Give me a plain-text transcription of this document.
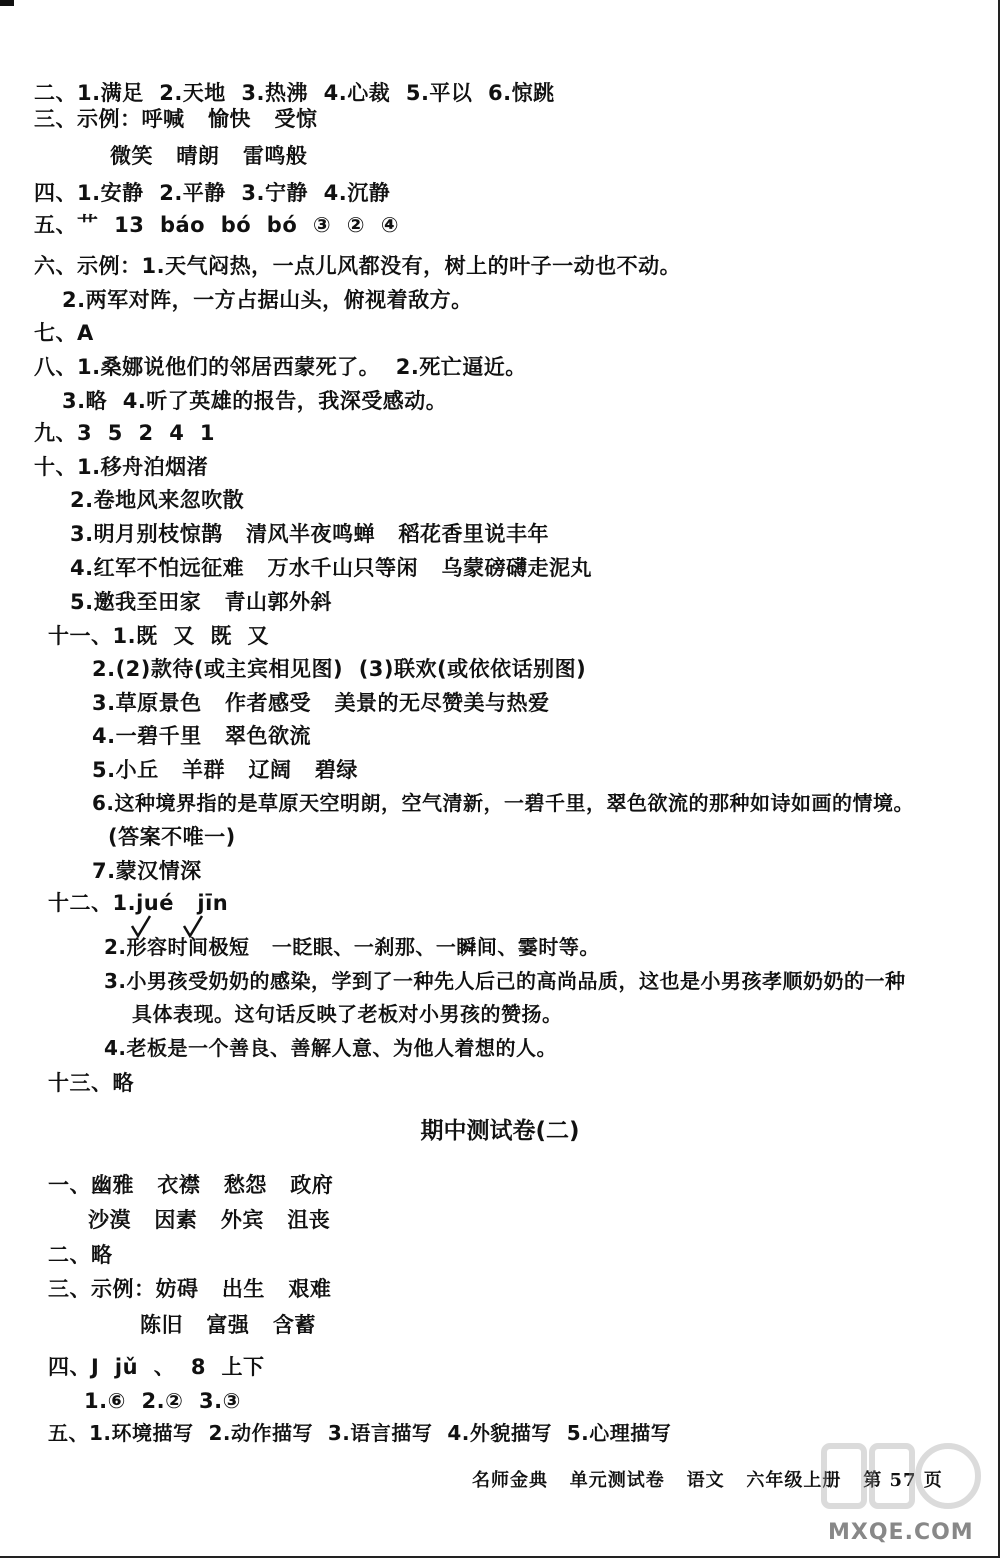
二、1.满足  2.天地  3.热沸  4.心裁  5.平以  6.惊跳
三、示例：呼喊   愉快   受惊
微笑   晴朗   雷鸣般
四、1.安静  2.平静  3.宁静  4.沉静
五、艹  13  báo  bó  bó  ③  ②  ④
六、示例：1.天气闷热，一点儿风都没有，树上的叶子一动也不动。
2.两军对阵，一方占据山头，俯视着敌方。
七、A
八、1.桑娜说他们的邻居西蒙死了。  2.死亡逼近。
3.略  4.听了英雄的报告，我深受感动。
九、3  5  2  4  1
十、1.移舟泊烟渚
2.卷地风来忽吹散
3.明月别枝惊鹊   清风半夜鸣蝉   稻花香里说丰年
4.红军不怕远征难   万水千山只等闲   乌蒙磅礴走泥丸
5.邀我至田家   青山郭外斜
十一、1.既  又  既  又
2.(2)款待(或主宾相见图)  (3)联欢(或依依话别图)
3.草原景色   作者感受   美景的无尽赞美与热爱
4.一碧千里   翠色欲流
5.小丘   羊群   辽阔   碧绿
6.这种境界指的是草原天空明朗，空气清新，一碧千里，翠色欲流的那种如诗如画的情境。
(答案不唯一)
7.蒙汉情深
十二、1.jué   jīn
2.形容时间极短   一眨眼、一刹那、一瞬间、霎时等。
3.小男孩受奶奶的感染，学到了一种先人后己的高尚品质，这也是小男孩孝顺奶奶的一种
具体表现。这句话反映了老板对小男孩的赞扬。
4.老板是一个善良、善解人意、为他人着想的人。
十三、略
期中测试卷(二)
一、幽雅   衣襟   愁怨   政府
沙漠   因素   外宾   沮丧
二、略
三、示例：妨碍   出生   艰难
陈旧   富强   含蓄
四、J  jǔ  、  8  上下
1.⑥  2.②  3.③
五、1.环境描写  2.动作描写  3.语言描写  4.外貌描写  5.心理描写
名师金典   单元测试卷   语文   六年级上册   第 57 页
MXQE.COM
